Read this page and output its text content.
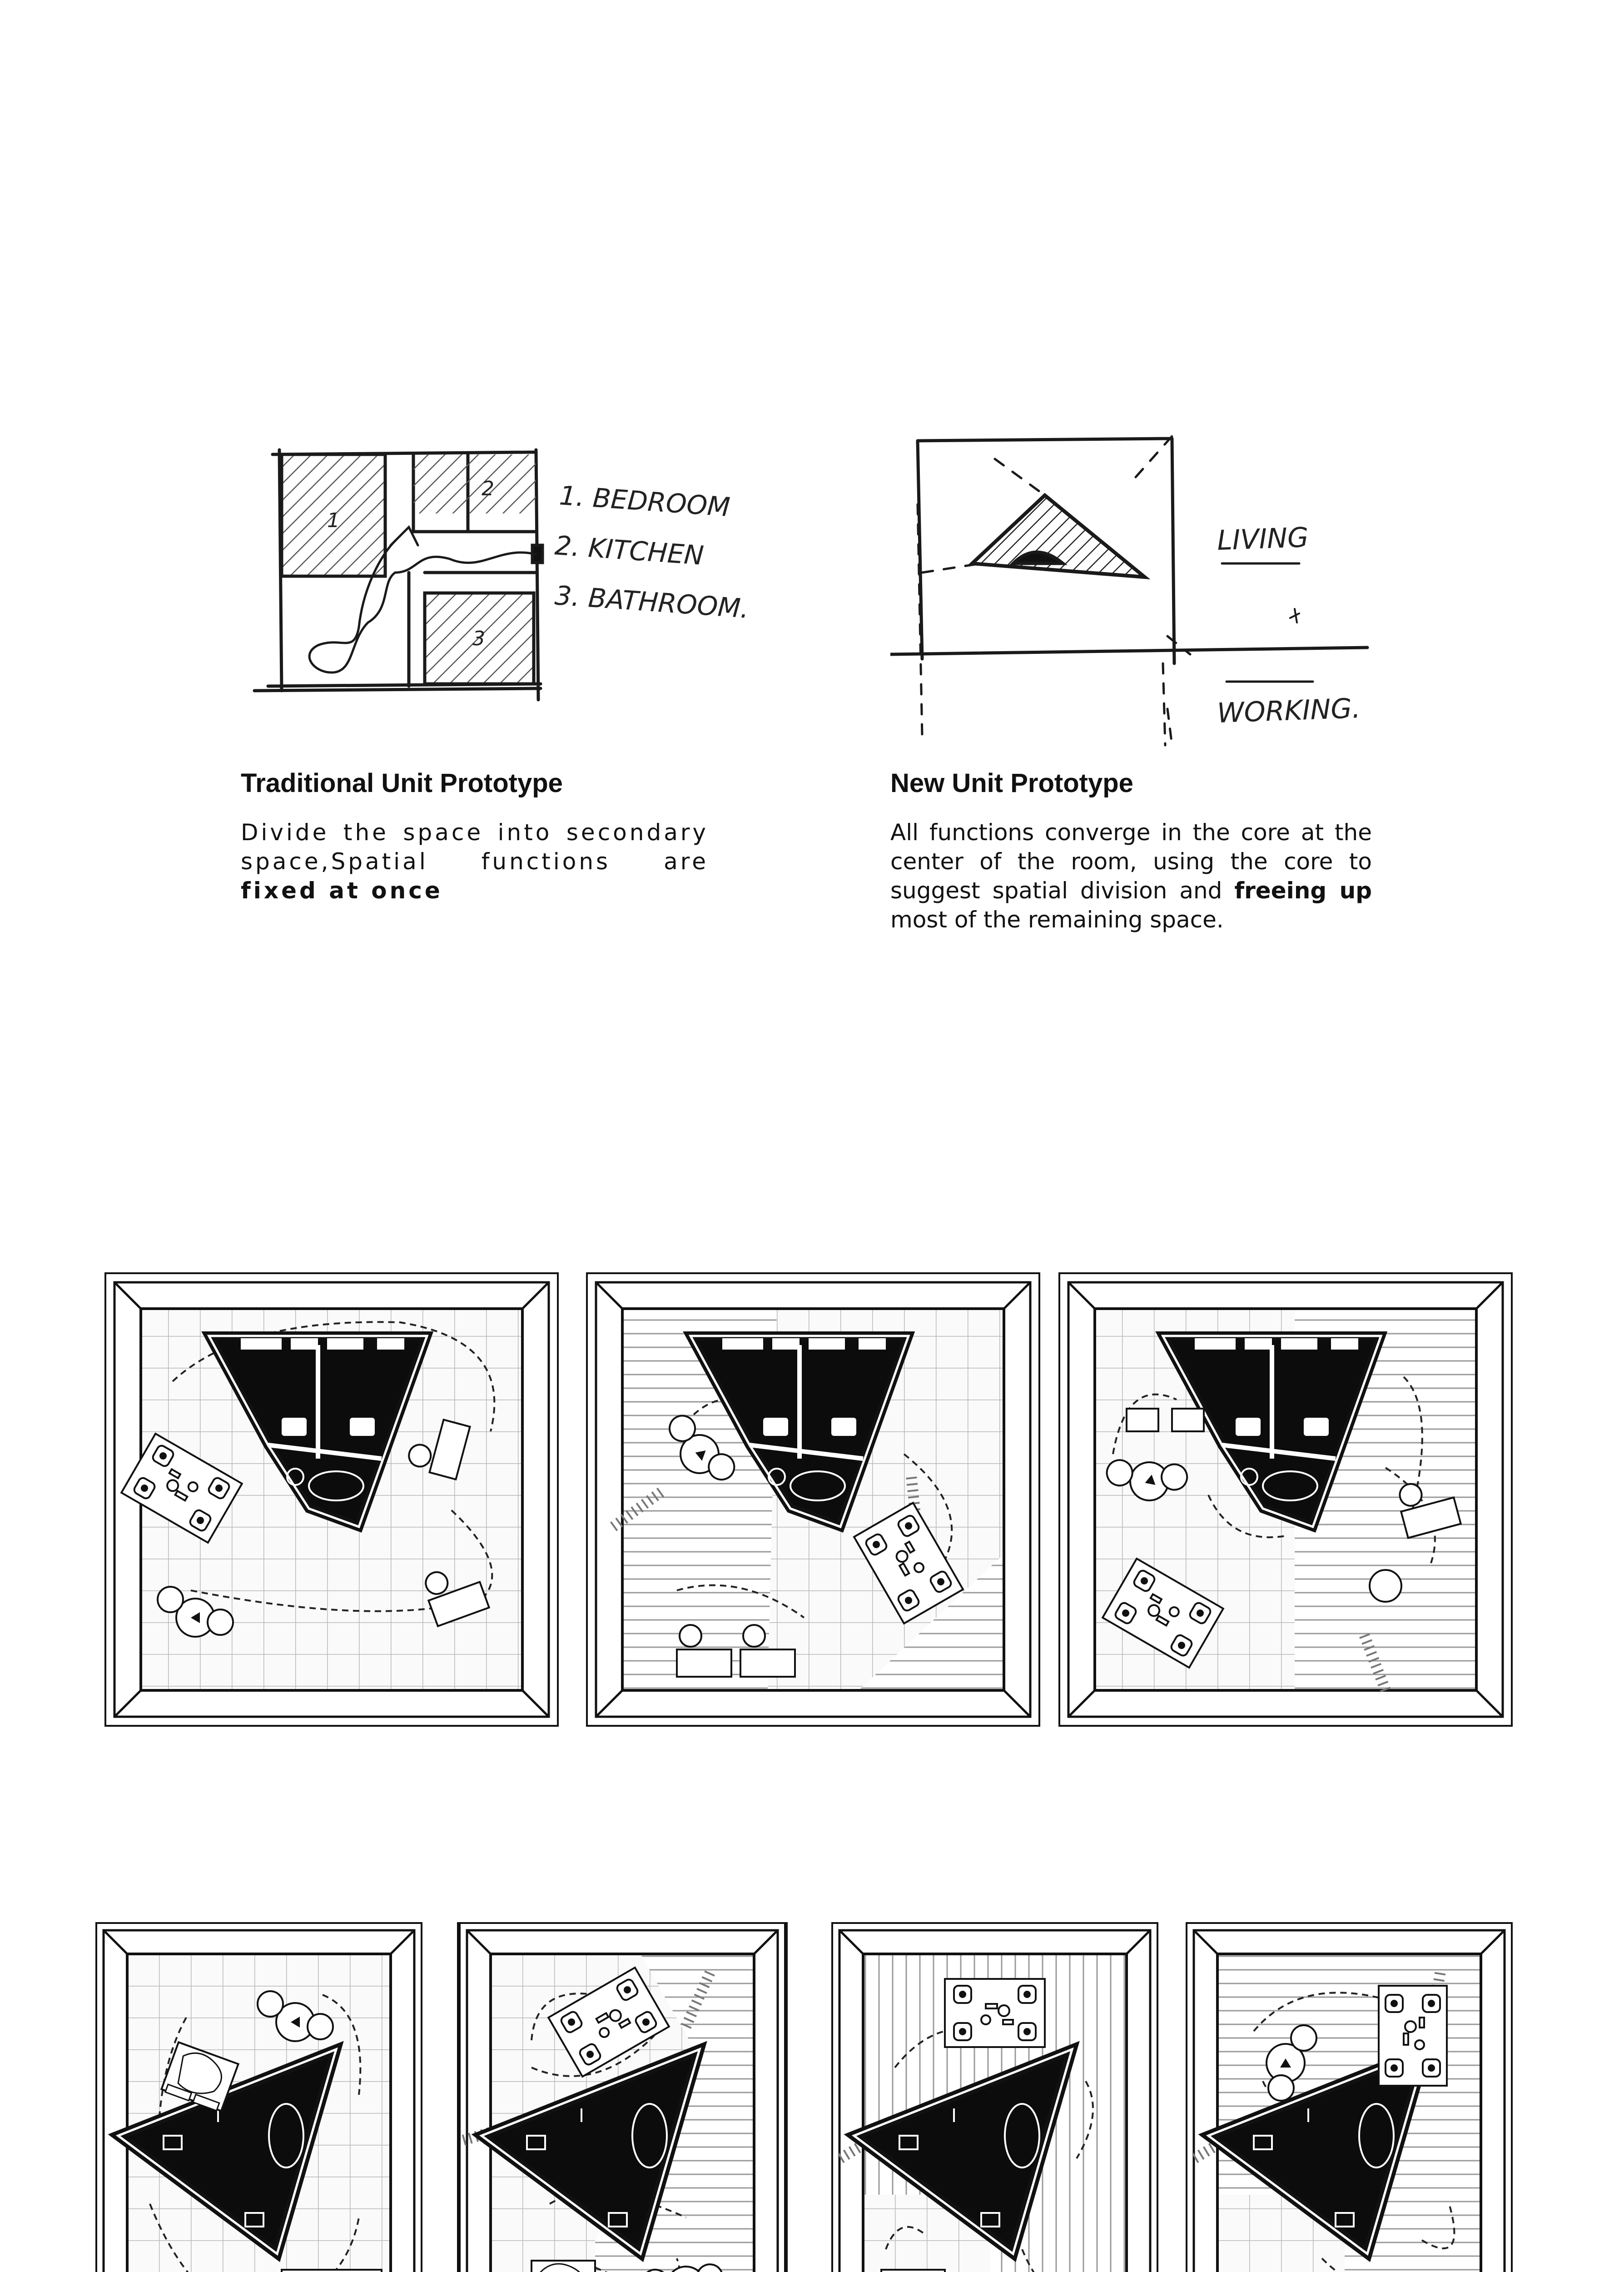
1
2
3
1. BEDROOM
2. KITCHEN
3. BATHROOM.
LIVING
WORKING.
Traditional Unit Prototype
Divide the space into secondary space,Spatial functions are fixed at once
New Unit Prototype
All functions converge in the core at the center of the room, using the core to suggest spatial division and freeing up most of the remaining space.
